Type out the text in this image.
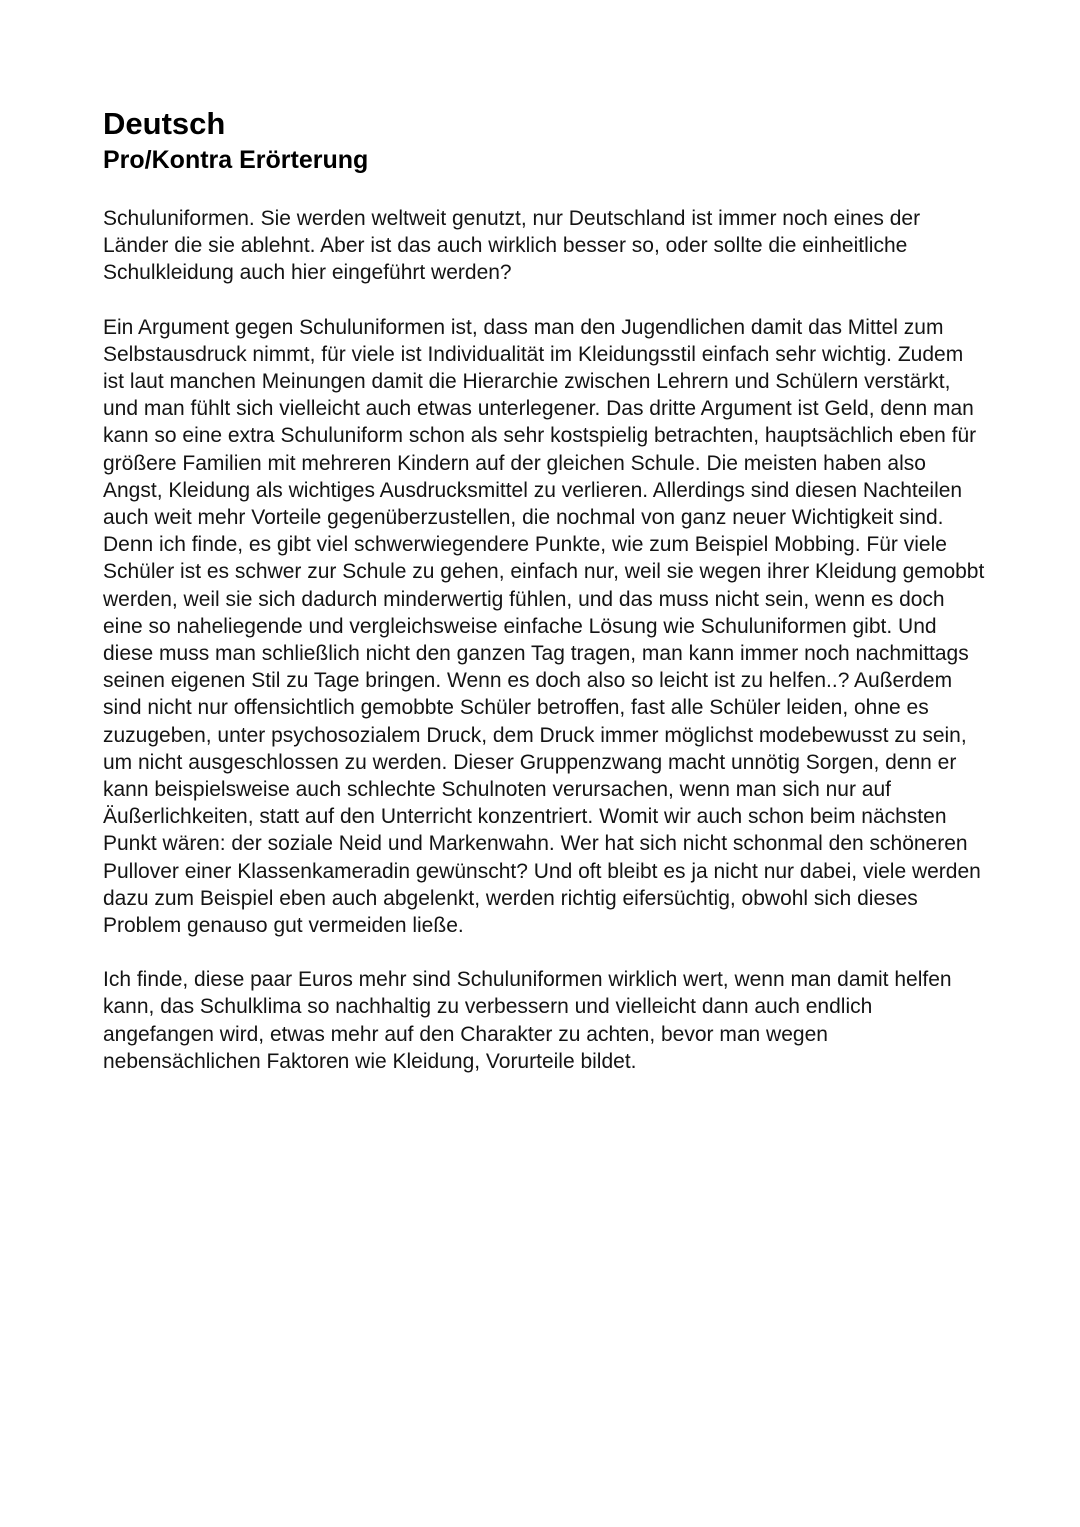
Deutsch
Pro/Kontra Erörterung

Schuluniformen. Sie werden weltweit genutzt, nur Deutschland ist immer noch eines der Länder die sie ablehnt. Aber ist das auch wirklich besser so, oder sollte die einheitliche Schulkleidung auch hier eingeführt werden?

Ein Argument gegen Schuluniformen ist, dass man den Jugendlichen damit das Mittel zum Selbstausdruck nimmt, für viele ist Individualität im Kleidungsstil einfach sehr wichtig. Zudem ist laut manchen Meinungen damit die Hierarchie zwischen Lehrern und Schülern verstärkt, und man fühlt sich vielleicht auch etwas unterlegener. Das dritte Argument ist Geld, denn man kann so eine extra Schuluniform schon als sehr kostspielig betrachten, hauptsächlich eben für größere Familien mit mehreren Kindern auf der gleichen Schule. Die meisten haben also Angst, Kleidung als wichtiges Ausdrucksmittel zu verlieren. Allerdings sind diesen Nachteilen auch weit mehr Vorteile gegenüberzustellen, die nochmal von ganz neuer Wichtigkeit sind. Denn ich finde, es gibt viel schwerwiegendere Punkte, wie zum Beispiel Mobbing. Für viele Schüler ist es schwer zur Schule zu gehen, einfach nur, weil sie wegen ihrer Kleidung gemobbt werden, weil sie sich dadurch minderwertig fühlen, und das muss nicht sein, wenn es doch eine so naheliegende und vergleichsweise einfache Lösung wie Schuluniformen gibt. Und diese muss man schließlich nicht den ganzen Tag tragen, man kann immer noch nachmittags seinen eigenen Stil zu Tage bringen. Wenn es doch also so leicht ist zu helfen..? Außerdem sind nicht nur offensichtlich gemobbte Schüler betroffen, fast alle Schüler leiden, ohne es zuzugeben, unter psychosozialem Druck, dem Druck immer möglichst modebewusst zu sein, um nicht ausgeschlossen zu werden. Dieser Gruppenzwang macht unnötig Sorgen, denn er kann beispielsweise auch schlechte Schulnoten verursachen, wenn man sich nur auf Äußerlichkeiten, statt auf den Unterricht konzentriert. Womit wir auch schon beim nächsten Punkt wären: der soziale Neid und Markenwahn. Wer hat sich nicht schonmal den schöneren Pullover einer Klassenkameradin gewünscht? Und oft bleibt es ja nicht nur dabei, viele werden dazu zum Beispiel eben auch abgelenkt, werden richtig eifersüchtig, obwohl sich dieses Problem genauso gut vermeiden ließe.

Ich finde, diese paar Euros mehr sind Schuluniformen wirklich wert, wenn man damit helfen kann, das Schulklima so nachhaltig zu verbessern und vielleicht dann auch endlich angefangen wird, etwas mehr auf den Charakter zu achten, bevor man wegen nebensächlichen Faktoren wie Kleidung, Vorurteile bildet.
